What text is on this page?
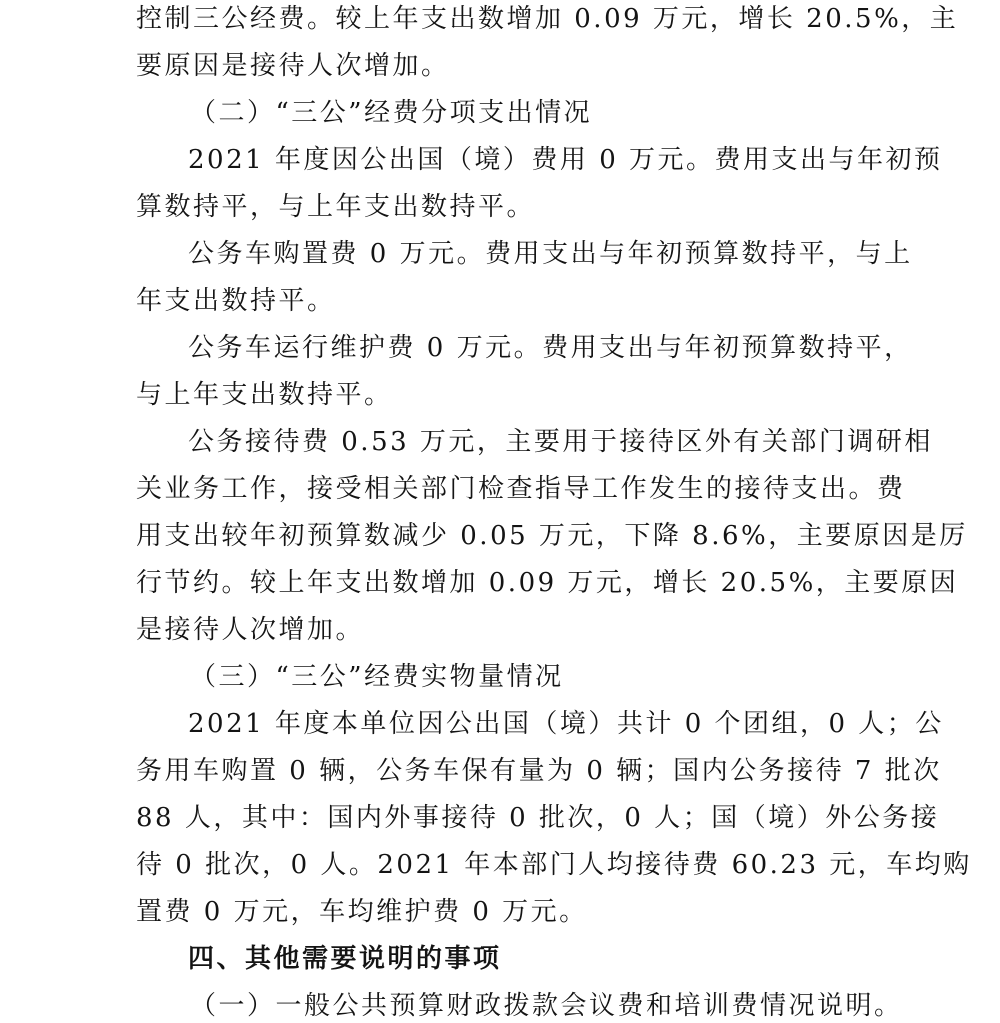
控制三公经费。较上年支出数增加 0.09 万元，增长 20.5%，主
要原因是接待人次增加。
（二）“三公”经费分项支出情况
2021 年度因公出国（境）费用 0 万元。费用支出与年初预
算数持平，与上年支出数持平。
公务车购置费 0 万元。费用支出与年初预算数持平，与上
年支出数持平。
公务车运行维护费 0 万元。费用支出与年初预算数持平，
与上年支出数持平。
公务接待费 0.53 万元，主要用于接待区外有关部门调研相
关业务工作，接受相关部门检查指导工作发生的接待支出。费
用支出较年初预算数减少 0.05 万元，下降 8.6%，主要原因是厉
行节约。较上年支出数增加 0.09 万元，增长 20.5%，主要原因
是接待人次增加。
（三）“三公”经费实物量情况
2021 年度本单位因公出国（境）共计 0 个团组，0 人；公
务用车购置 0 辆，公务车保有量为 0 辆；国内公务接待 7 批次
88 人，其中：国内外事接待 0 批次，0 人；国（境）外公务接
待 0 批次，0 人。2021 年本部门人均接待费 60.23 元，车均购
置费 0 万元，车均维护费 0 万元。
四、其他需要说明的事项
（一）一般公共预算财政拨款会议费和培训费情况说明。
